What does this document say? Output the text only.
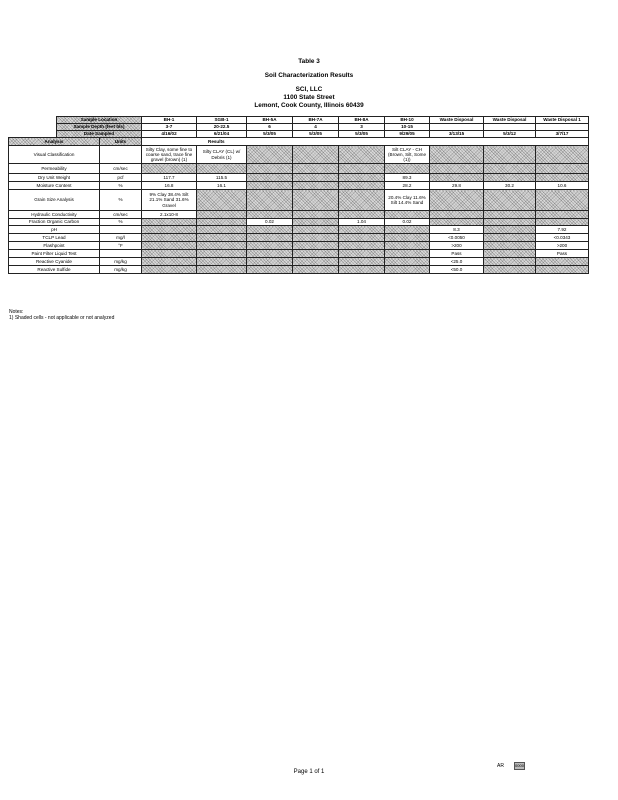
Table 3
Soil Characterization Results
SCI, LLC
1100 State Street
Lemont, Cook County, Illinois 60439
	Sample Location		BH-1	SGB-1	BH-5A	BH-7A	BH-8A	BH-10	Waste Disposal	Waste Disposal	Waste Disposal 1
	Sample Depth (feet bls)		3-7	20-22.5	6	4	3	10-15			
	Date Sampled		4/16/02	6/21/04	5/3/05	5/3/05	5/3/05	9/29/05	3/13/15	5/3/12	3/7/17
Analysis		Units	Results								
Visual Classification			Silty Clay, some fine to coarse sand, trace fine gravel (brown) (1)	Silty CLAY (CL) w/ Debris (1)				Silt CLAY - CH (Brown, Silt, Some (1))			
Permeability		cm/sec									
Dry Unit Weight		pcf	117.7	115.5				89.3			
Moisture Content		%	16.8	16.1				28.2	29.8	30.2	10.6
Grain Size Analysis		%	9% Clay 38.4% Silt 21.1% Sand 31.6% Gravel					20.4% Clay 11.6% Silt 14.4% Sand			
Hydraulic Conductivity		cm/sec	2.1x10-8								
Fraction Organic Carbon		%			0.02		1.04	0.02			
pH									8.3		7.92
TCLP Lead		mg/l							<0.0050		<0.0343
Flashpoint		°F							>200		>200
Paint Filter Liquid Test									Pass		Pass
Reactive Cyanide		mg/kg							<25.0		
Reactive Sulfide		mg/kg							<50.0		
Notes:
1) Shaded cells - not applicable or not analyzed
AR	0000
Page 1 of 1
